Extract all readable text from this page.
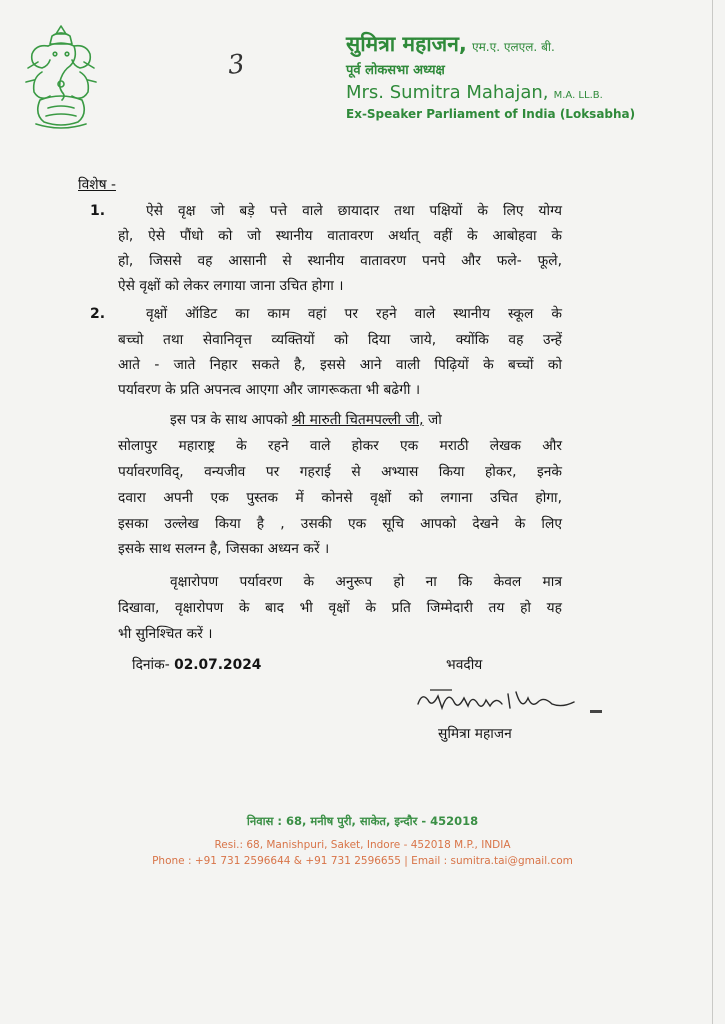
सुमित्रा महाजन, एम.ए. एलएल. बी.
पूर्व लोकसभा अध्यक्ष
Mrs. Sumitra Mahajan, M.A. LL.B.
Ex-Speaker Parliament of India (Loksabha)
3
विशेष -
1.	ऐसे वृक्ष जो बड़े पत्ते वाले छायादार तथा पक्षियों के लिए योग्य
हो, ऐसे पौंधो को जो स्थानीय वातावरण अर्थात् वहीं के आबोहवा के
हो, जिससे वह आसानी से स्थानीय वातावरण पनपे और फले- फूले,
ऐसे वृक्षों को लेकर लगाया जाना उचित होगा ।
2.	वृक्षों ऑडिट का काम वहां पर रहने वाले स्थानीय स्कूल के
बच्चो तथा सेवानिवृत्त व्यक्तियों को दिया जाये, क्योंकि वह उन्हें
आते - जाते निहार सकते है, इससे आने वाली पिढ़ियों के बच्चों को
पर्यावरण के प्रति अपनत्व आएगा और जागरूकता भी बढेगी ।
इस पत्र के साथ आपको श्री मारुती चितमपल्ली जी, जो
सोलापुर महाराष्ट्र के रहने वाले होकर एक मराठी लेखक और
पर्यावरणविद्, वन्यजीव पर गहराई से अभ्यास किया होकर, इनके
दवारा अपनी एक पुस्तक में कोनसे वृक्षों को लगाना उचित होगा,
इसका उल्लेख किया है , उसकी एक सूचि आपको देखने के लिए
इसके साथ सलग्न है, जिसका अध्यन करें ।
वृक्षारोपण पर्यावरण के अनुरूप हो ना कि केवल मात्र
दिखावा, वृक्षारोपण के बाद भी वृक्षों के प्रति जिम्मेदारी तय हो यह
भी सुनिश्चित करें ।
दिनांक- 02.07.2024	भवदीय
सुमित्रा महाजन
निवास : 68, मनीष पुरी, साकेत, इन्दौर - 452018
Resi.: 68, Manishpuri, Saket, Indore - 452018 M.P., INDIA
Phone : +91 731 2596644 & +91 731 2596655 | Email : sumitra.tai@gmail.com
